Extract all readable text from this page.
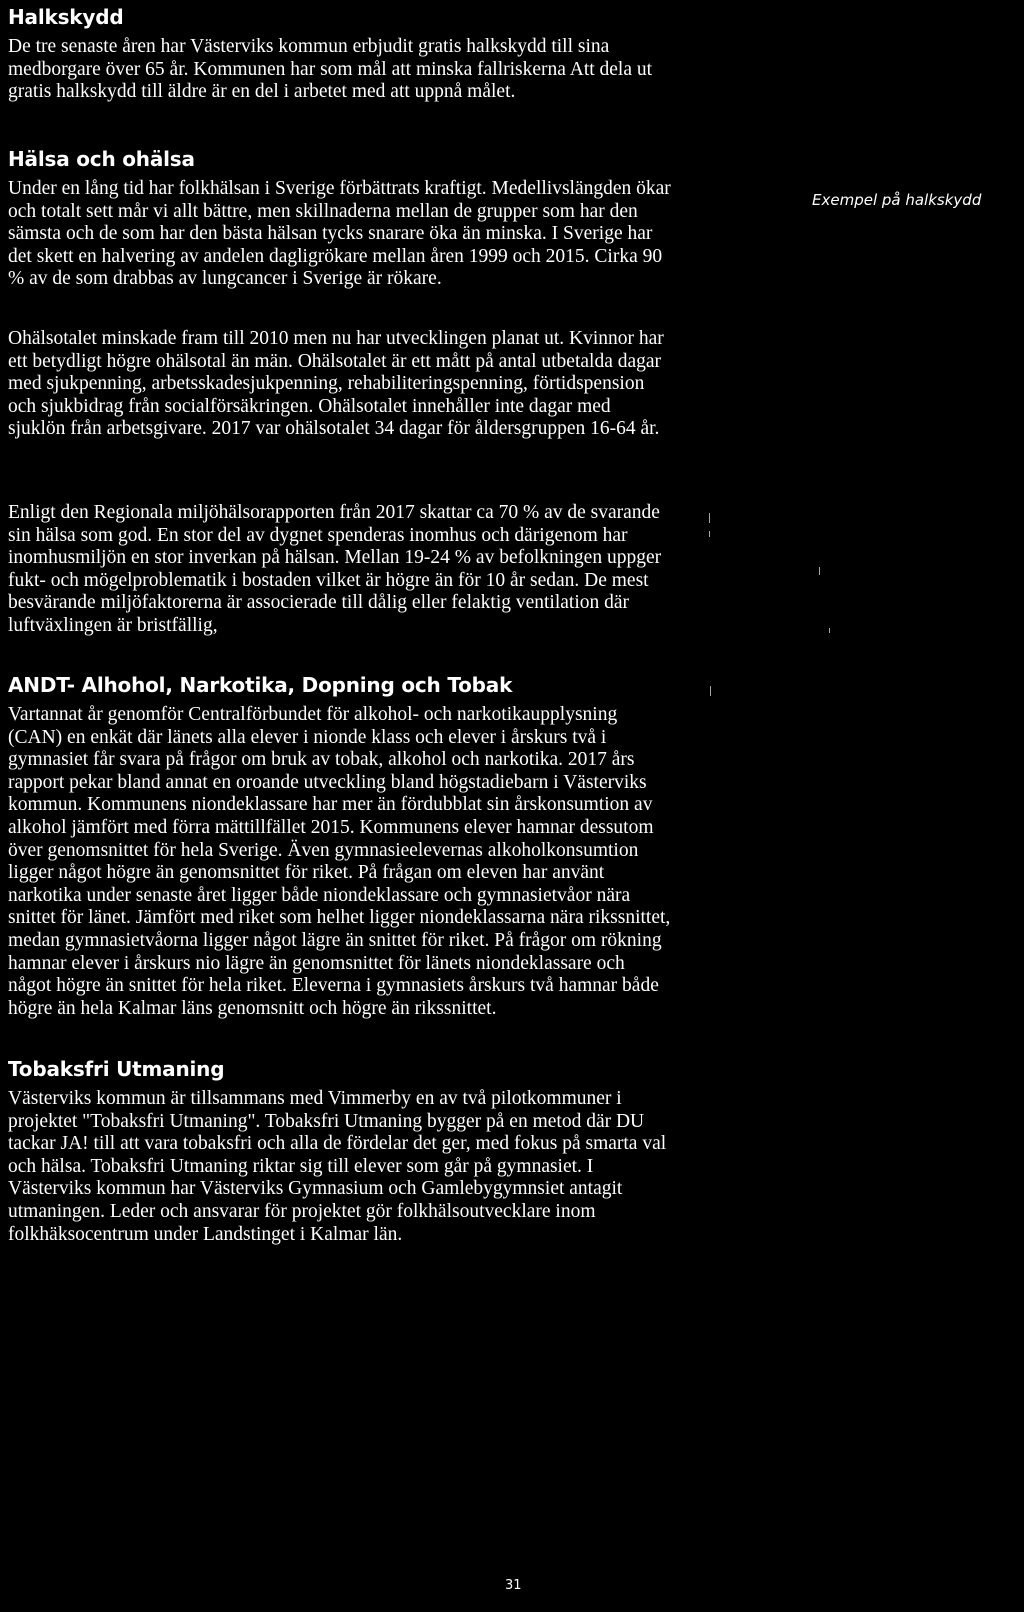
Halkskydd

De tre senaste åren har Västerviks kommun erbjudit gratis halkskydd till sina medborgare över 65 år. Kommunen har som mål att minska fallriskerna Att dela ut gratis halkskydd till äldre är en del i arbetet med att uppnå målet.

Hälsa och ohälsa

Under en lång tid har folkhälsan i Sverige förbättrats kraftigt. Medellivslängden ökar och totalt sett mår vi allt bättre, men skillnaderna mellan de grupper som har den sämsta och de som har den bästa hälsan tycks snarare öka än minska. I Sverige har det skett en halvering av andelen dagligrökare mellan åren 1999 och 2015. Cirka 90 % av de som drabbas av lungcancer i Sverige är rökare.

Ohälsotalet minskade fram till 2010 men nu har utvecklingen planat ut. Kvinnor har ett betydligt högre ohälsotal än män. Ohälsotalet är ett mått på antal utbetalda dagar med sjukpenning, arbetsskadesjukpenning, rehabiliteringspenning, förtidspension och sjukbidrag från socialförsäkringen. Ohälsotalet innehåller inte dagar med sjuklön från arbetsgivare. 2017 var ohälsotalet 34 dagar för åldersgruppen 16-64 år.

Enligt den Regionala miljöhälsorapporten från 2017 skattar ca 70 % av de svarande sin hälsa som god. En stor del av dygnet spenderas inomhus och därigenom har inomhusmiljön en stor inverkan på hälsan. Mellan 19-24 % av befolkningen uppger fukt- och mögelproblematik i bostaden vilket är högre än för 10 år sedan. De mest besvärande miljöfaktorerna är associerade till dålig eller felaktig ventilation där luftväxlingen är bristfällig,

ANDT- Alhohol, Narkotika, Dopning och Tobak

Vartannat år genomför Centralförbundet för alkohol- och narkotikaupplysning (CAN) en enkät där länets alla elever i nionde klass och elever i årskurs två i gymnasiet får svara på frågor om bruk av tobak, alkohol och narkotika. 2017 års rapport pekar bland annat en oroande utveckling bland högstadiebarn i Västerviks kommun. Kommunens niondeklassare har mer än fördubblat sin årskonsumtion av alkohol jämfört med förra mättillfället 2015. Kommunens elever hamnar dessutom över genomsnittet för hela Sverige. Även gymnasieelevernas alkoholkonsumtion ligger något högre än genomsnittet för riket. På frågan om eleven har använt narkotika under senaste året ligger både niondeklassare och gymnasietvåor nära snittet för länet. Jämfört med riket som helhet ligger niondeklassarna nära rikssnittet, medan gymnasietvåorna ligger något lägre än snittet för riket. På frågor om rökning hamnar elever i årskurs nio lägre än genomsnittet för länets niondeklassare och något högre än snittet för hela riket. Eleverna i gymnasiets årskurs två hamnar både högre än hela Kalmar läns genomsnitt och högre än rikssnittet.

Tobaksfri Utmaning

Västerviks kommun är tillsammans med Vimmerby en av två pilotkommuner i projektet "Tobaksfri Utmaning". Tobaksfri Utmaning bygger på en metod där DU tackar JA! till att vara tobaksfri och alla de fördelar det ger, med fokus på smarta val och hälsa. Tobaksfri Utmaning riktar sig till elever som går på gymnasiet. I Västerviks kommun har Västerviks Gymnasium och Gamlebygymnsiet antagit utmaningen. Leder och ansvarar för projektet gör folkhälsoutvecklare inom folkhäksocentrum under Landstinget i Kalmar län.

Exempel på halkskydd
31
